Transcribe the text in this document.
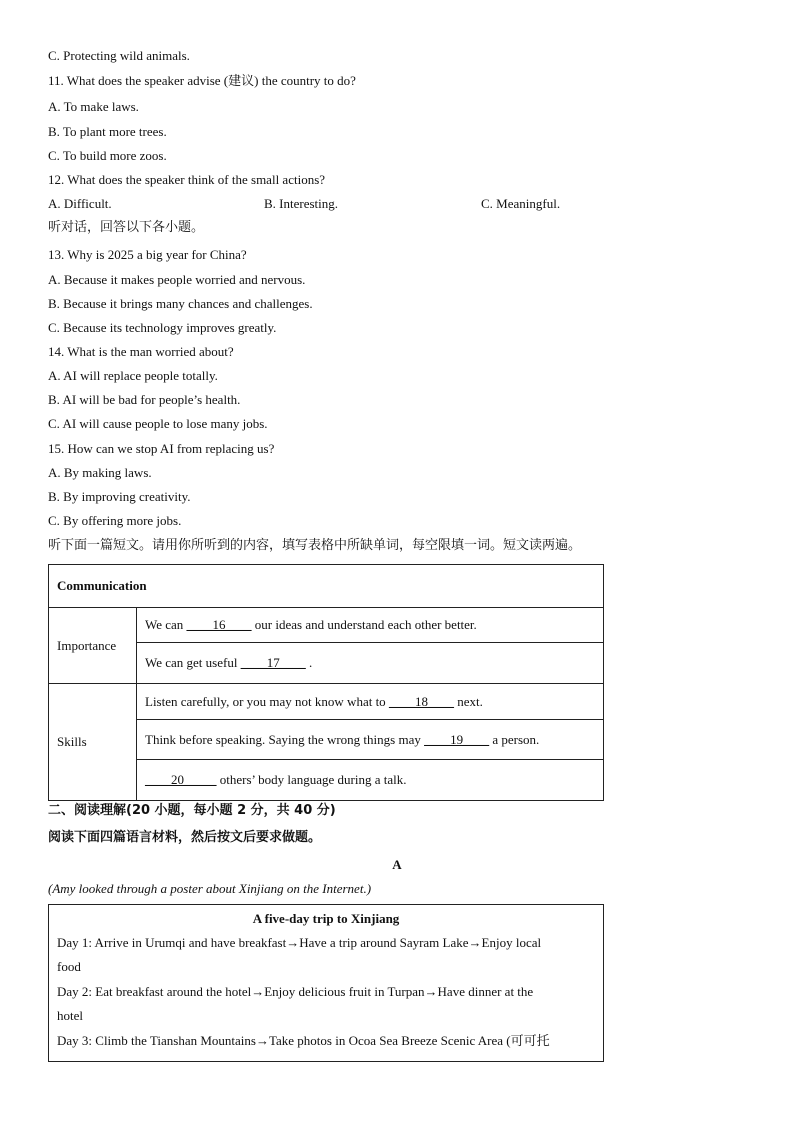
C. Protecting wild animals.
11. What does the speaker advise (建议) the country to do?
A. To make laws.
B. To plant more trees.
C. To build more zoos.
12. What does the speaker think of the small actions?
A. Difficult.	B. Interesting.	C. Meaningful.
听对话，回答以下各小题。
13. Why is 2025 a big year for China?
A. Because it makes people worried and nervous.
B. Because it brings many chances and challenges.
C. Because its technology improves greatly.
14. What is the man worried about?
A. AI will replace people totally.
B. AI will be bad for people’s health.
C. AI will cause people to lose many jobs.
15. How can we stop AI from replacing us?
A. By making laws.
B. By improving creativity.
C. By offering more jobs.
听下面一篇短文。请用你所听到的内容，填写表格中所缺单词，每空限填一词。短文读两遍。
Communication	
Importance	We can ____16____ our ideas and understand each other better.
	We can get useful ____17____ .
Skills	Listen carefully, or you may not know what to ____18____ next.
	Think before speaking. Saying the wrong things may ____19____ a person.
	____20_____ others’ body language during a talk.
二、阅读理解(20 小题，每小题 2 分，共 40 分)
阅读下面四篇语言材料，然后按文后要求做题。
A
(Amy looked through a poster about Xinjiang on the Internet.)
A five-day trip to Xinjiang
Day 1: Arrive in Urumqi and have breakfast→Have a trip around Sayram Lake→Enjoy local
food
Day 2: Eat breakfast around the hotel→Enjoy delicious fruit in Turpan→Have dinner at the
hotel
Day 3: Climb the Tianshan Mountains→Take photos in Ocoa Sea Breeze Scenic Area (可可托
